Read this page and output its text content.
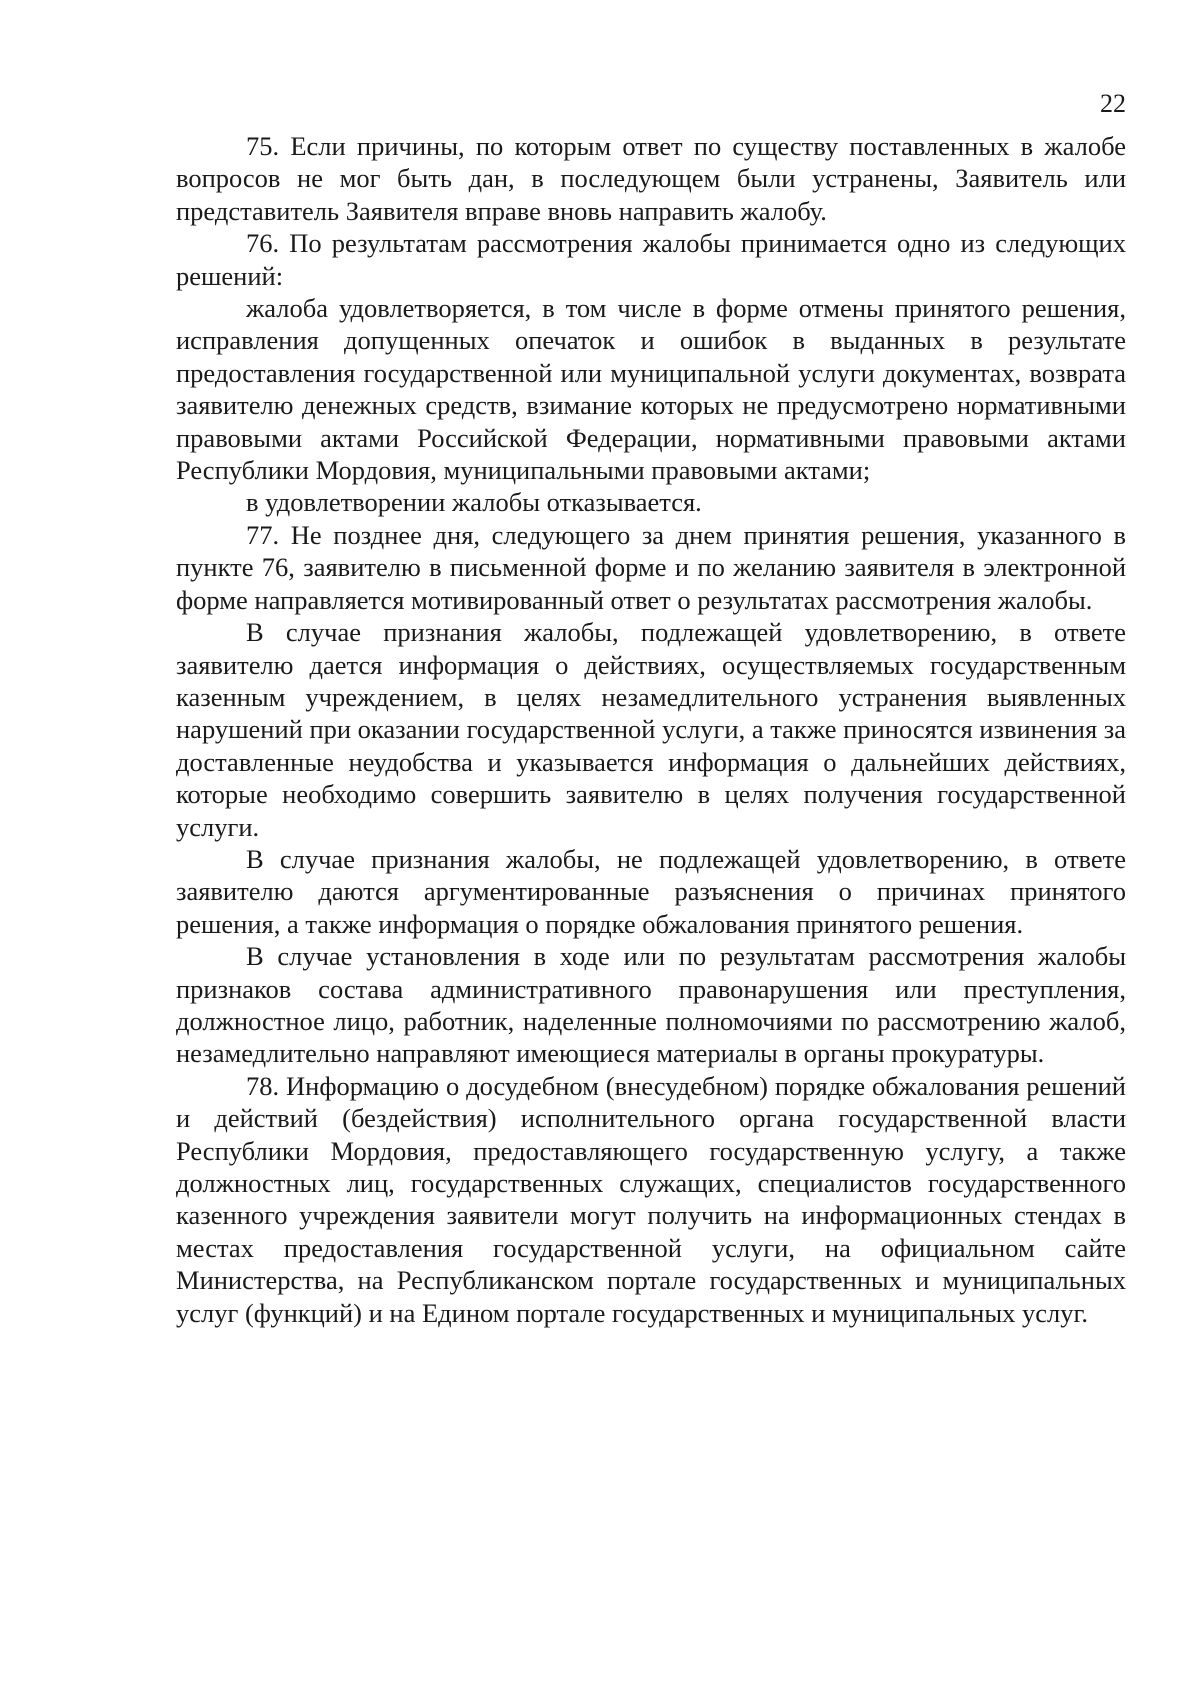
22

75. Если причины, по которым ответ по существу поставленных в жалобе вопросов не мог быть дан, в последующем были устранены, Заявитель или представитель Заявителя вправе вновь направить жалобу.

76. По результатам рассмотрения жалобы принимается одно из следующих решений:

жалоба удовлетворяется, в том числе в форме отмены принятого решения, исправления допущенных опечаток и ошибок в выданных в результате предоставления государственной или муниципальной услуги документах, возврата заявителю денежных средств, взимание которых не предусмотрено нормативными правовыми актами Российской Федерации, нормативными правовыми актами Республики Мордовия, муниципальными правовыми актами;

в удовлетворении жалобы отказывается.

77. Не позднее дня, следующего за днем принятия решения, указанного в пункте 76, заявителю в письменной форме и по желанию заявителя в электронной форме направляется мотивированный ответ о результатах рассмотрения жалобы.

В случае признания жалобы, подлежащей удовлетворению, в ответе заявителю дается информация о действиях, осуществляемых государственным казенным учреждением, в целях незамедлительного устранения выявленных нарушений при оказании государственной услуги, а также приносятся извинения за доставленные неудобства и указывается информация о дальнейших действиях, которые необходимо совершить заявителю в целях получения государственной услуги.

В случае признания жалобы, не подлежащей удовлетворению, в ответе заявителю даются аргументированные разъяснения о причинах принятого решения, а также информация о порядке обжалования принятого решения.

В случае установления в ходе или по результатам рассмотрения жалобы признаков состава административного правонарушения или преступления, должностное лицо, работник, наделенные полномочиями по рассмотрению жалоб, незамедлительно направляют имеющиеся материалы в органы прокуратуры.

78. Информацию о досудебном (внесудебном) порядке обжалования решений и действий (бездействия) исполнительного органа государственной власти Республики Мордовия, предоставляющего государственную услугу, а также должностных лиц, государственных служащих, специалистов государственного казенного учреждения заявители могут получить на информационных стендах в местах предоставления государственной услуги, на официальном сайте Министерства, на Республиканском портале государственных и муниципальных услуг (функций) и на Едином портале государственных и муниципальных услуг.
